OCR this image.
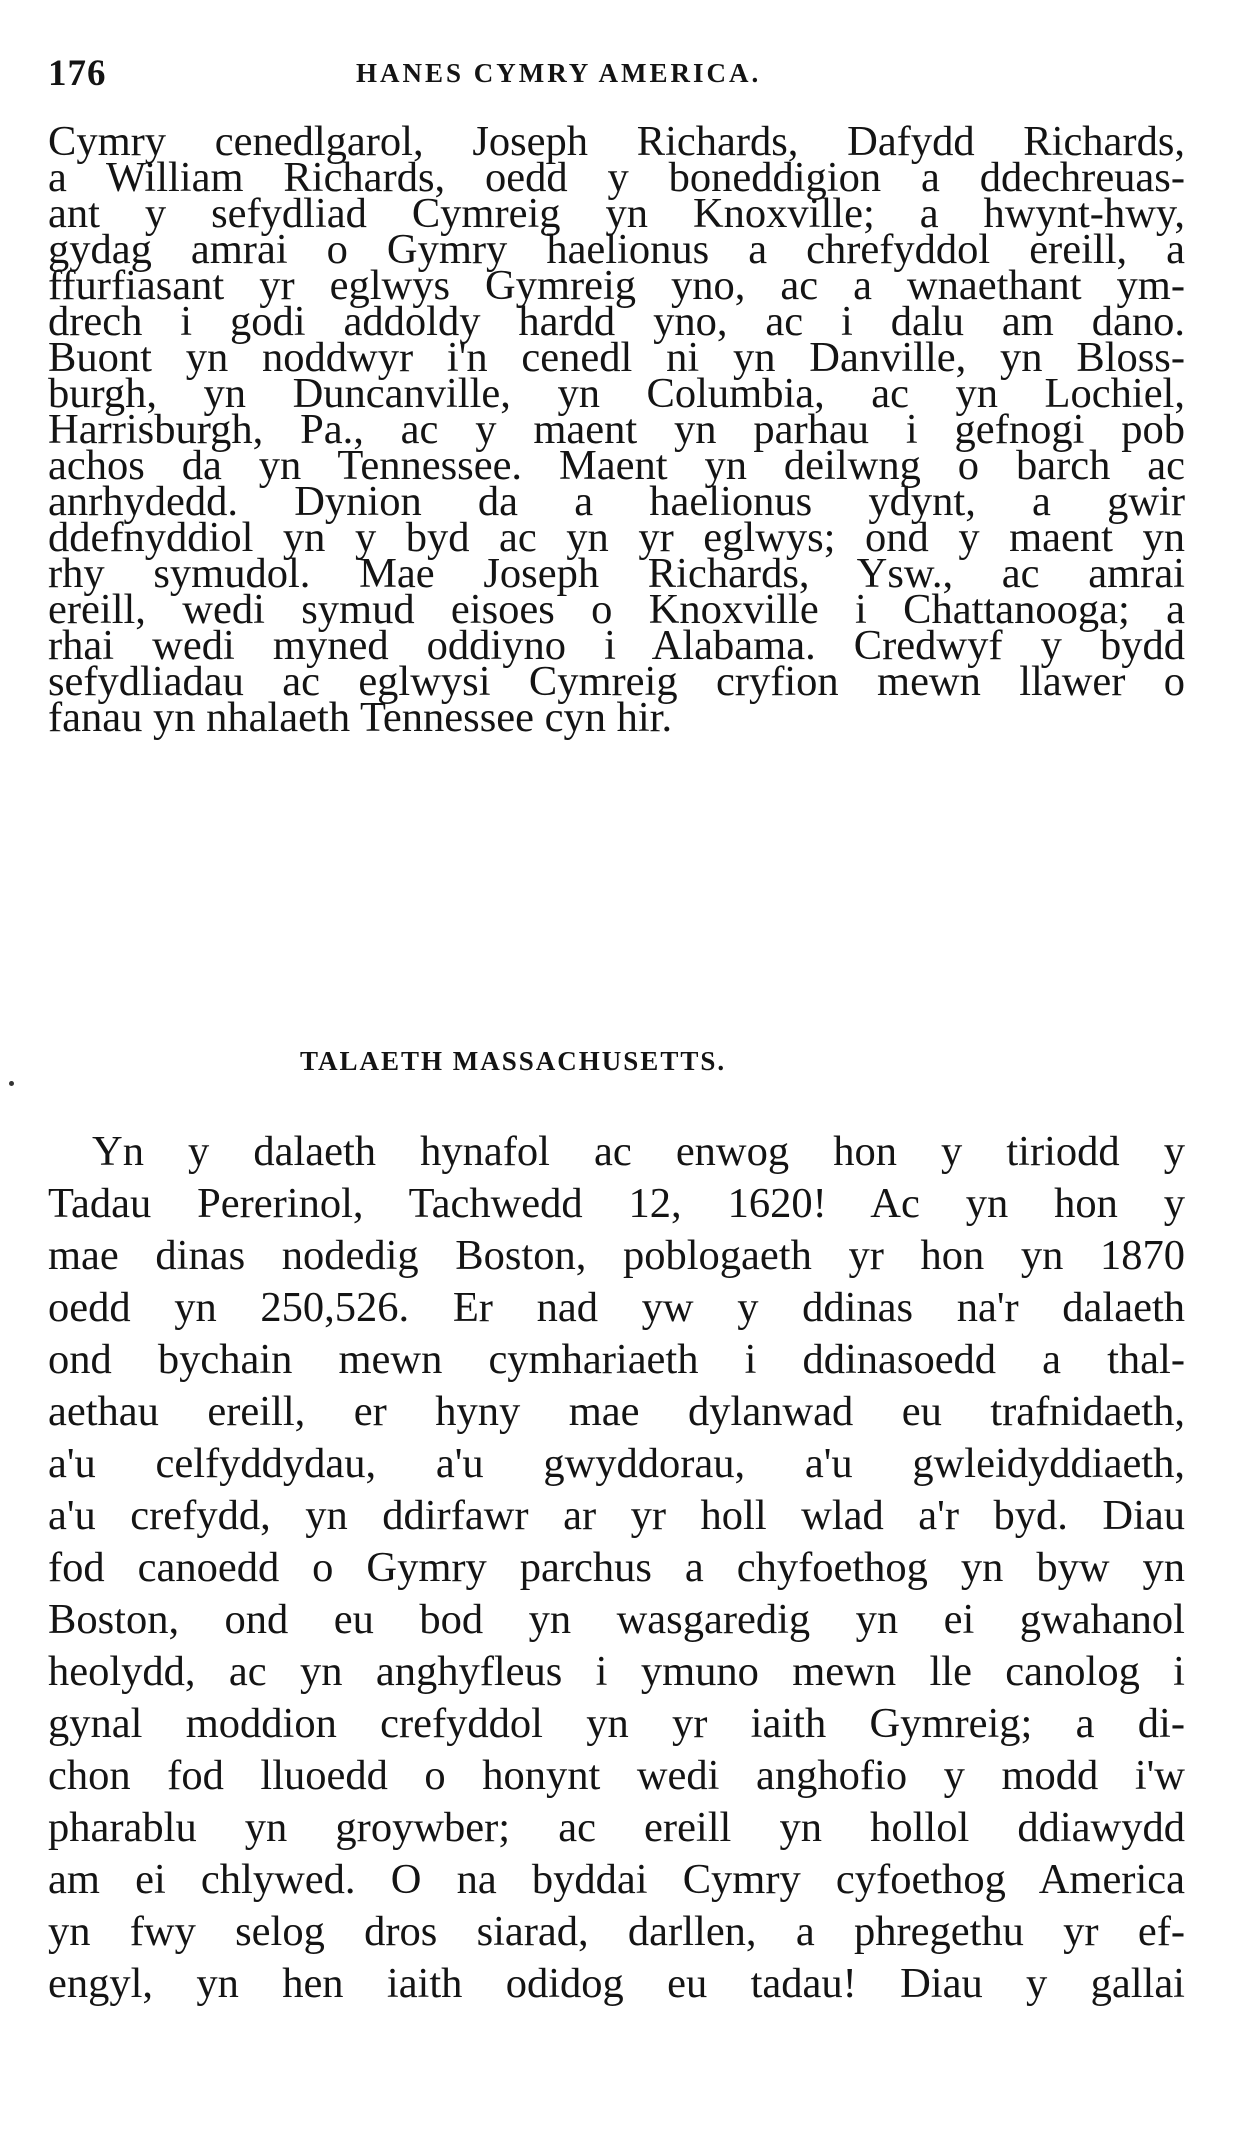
176	HANES CYMRY AMERICA.
Cymry cenedlgarol, Joseph Richards, Dafydd Richards,
a William Richards, oedd y boneddigion a ddechreuas-
ant y sefydliad Cymreig yn Knoxville; a hwynt-hwy,
gydag amrai o Gymry haelionus a chrefyddol ereill, a
ffurfiasant yr eglwys Gymreig yno, ac a wnaethant ym-
drech i godi addoldy hardd yno, ac i dalu am dano.
Buont yn noddwyr i'n cenedl ni yn Danville, yn Bloss-
burgh, yn Duncanville, yn Columbia, ac yn Lochiel,
Harrisburgh, Pa., ac y maent yn parhau i gefnogi pob
achos da yn Tennessee. Maent yn deilwng o barch ac
anrhydedd. Dynion da a haelionus ydynt, a gwir
ddefnyddiol yn y byd ac yn yr eglwys; ond y maent yn
rhy symudol. Mae Joseph Richards, Ysw., ac amrai
ereill, wedi symud eisoes o Knoxville i Chattanooga; a
rhai wedi myned oddiyno i Alabama. Credwyf y bydd
sefydliadau ac eglwysi Cymreig cryfion mewn llawer o
fanau yn nhalaeth Tennessee cyn hir.
TALAETH MASSACHUSETTS.
Yn y dalaeth hynafol ac enwog hon y tiriodd y
Tadau Pererinol, Tachwedd 12, 1620! Ac yn hon y
mae dinas nodedig Boston, poblogaeth yr hon yn 1870
oedd yn 250,526. Er nad yw y ddinas na'r dalaeth
ond bychain mewn cymhariaeth i ddinasoedd a thal-
aethau ereill, er hyny mae dylanwad eu trafnidaeth,
a'u celfyddydau, a'u gwyddorau, a'u gwleidyddiaeth,
a'u crefydd, yn ddirfawr ar yr holl wlad a'r byd. Diau
fod canoedd o Gymry parchus a chyfoethog yn byw yn
Boston, ond eu bod yn wasgaredig yn ei gwahanol
heolydd, ac yn anghyfleus i ymuno mewn lle canolog i
gynal moddion crefyddol yn yr iaith Gymreig; a di-
chon fod lluoedd o honynt wedi anghofio y modd i'w
pharablu yn groywber; ac ereill yn hollol ddiawydd
am ei chlywed. O na byddai Cymry cyfoethog America
yn fwy selog dros siarad, darllen, a phregethu yr ef-
engyl, yn hen iaith odidog eu tadau! Diau y gallai
